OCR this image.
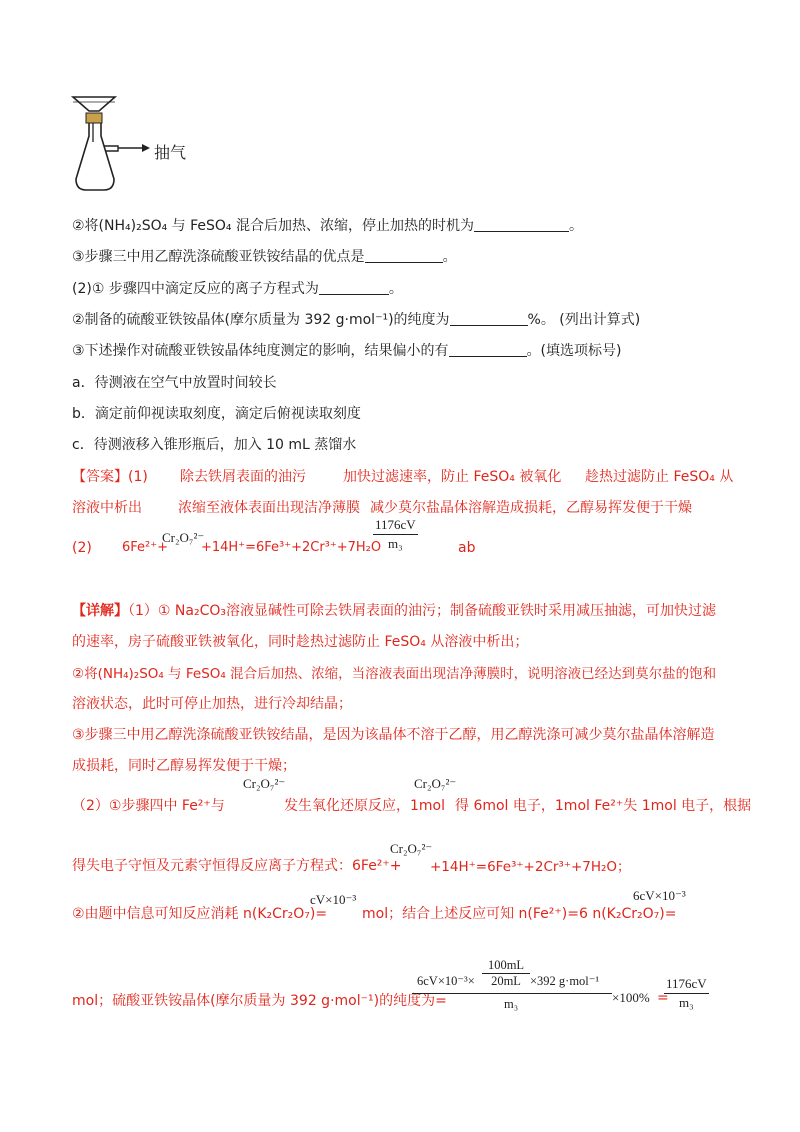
抽气
②将(NH₄)₂SO₄ 与 FeSO₄ 混合后加热、浓缩，停止加热的时机为	。
③步骤三中用乙醇洗涤硫酸亚铁铵结晶的优点是	。
(2)① 步骤四中滴定反应的离子方程式为	。
②制备的硫酸亚铁铵晶体(摩尔质量为 392 g·mol⁻¹)的纯度为	%。 (列出计算式)
③下述操作对硫酸亚铁铵晶体纯度测定的影响，结果偏小的有	。(填选项标号)
a．待测液在空气中放置时间较长
b．滴定前仰视读取刻度，滴定后俯视读取刻度
c．待测液移入锥形瓶后，加入 10 mL 蒸馏水
【答案】(1) 除去铁屑表面的油污	加快过滤速率，防止 FeSO₄ 被氧化 趁热过滤防止 FeSO₄ 从
溶液中析出	浓缩至液体表面出现洁净薄膜 减少莫尔盐晶体溶解造成损耗，乙醇易挥发便于干燥
(2) 6Fe²⁺+
Cr₂O₇²⁻
+14H⁺=6Fe³⁺+2Cr³⁺+7H₂O
1176cV
m₃	ab
【详解】（1）① Na₂CO₃溶液显碱性可除去铁屑表面的油污；制备硫酸亚铁时采用减压抽滤，可加快过滤
的速率，房子硫酸亚铁被氧化，同时趁热过滤防止 FeSO₄ 从溶液中析出；
②将(NH₄)₂SO₄ 与 FeSO₄ 混合后加热、浓缩，当溶液表面出现洁净薄膜时，说明溶液已经达到莫尔盐的饱和
溶液状态，此时可停止加热，进行冷却结晶；
③步骤三中用乙醇洗涤硫酸亚铁铵结晶，是因为该晶体不溶于乙醇，用乙醇洗涤可减少莫尔盐晶体溶解造
成损耗，同时乙醇易挥发便于干燥；
（2）①步骤四中 Fe²⁺与
Cr₂O₇²⁻
发生氧化还原反应，1mol
Cr₂O₇²⁻
得 6mol 电子，1mol Fe²⁺失 1mol 电子，根据
得失电子守恒及元素守恒得反应离子方程式：6Fe²⁺+
Cr₂O₇²⁻
+14H⁺=6Fe³⁺+2Cr³⁺+7H₂O；
②由题中信息可知反应消耗 n(K₂Cr₂O₇)=
cV×10⁻³
mol；结合上述反应可知 n(Fe²⁺)=6 n(K₂Cr₂O₇)=
6cV×10⁻³
mol；硫酸亚铁铵晶体(摩尔质量为 392 g·mol⁻¹)的纯度为=
6cV×10⁻³×
100mL
20mL ×392 g·mol⁻¹
m₃	×100% =
1176cV
m₃
